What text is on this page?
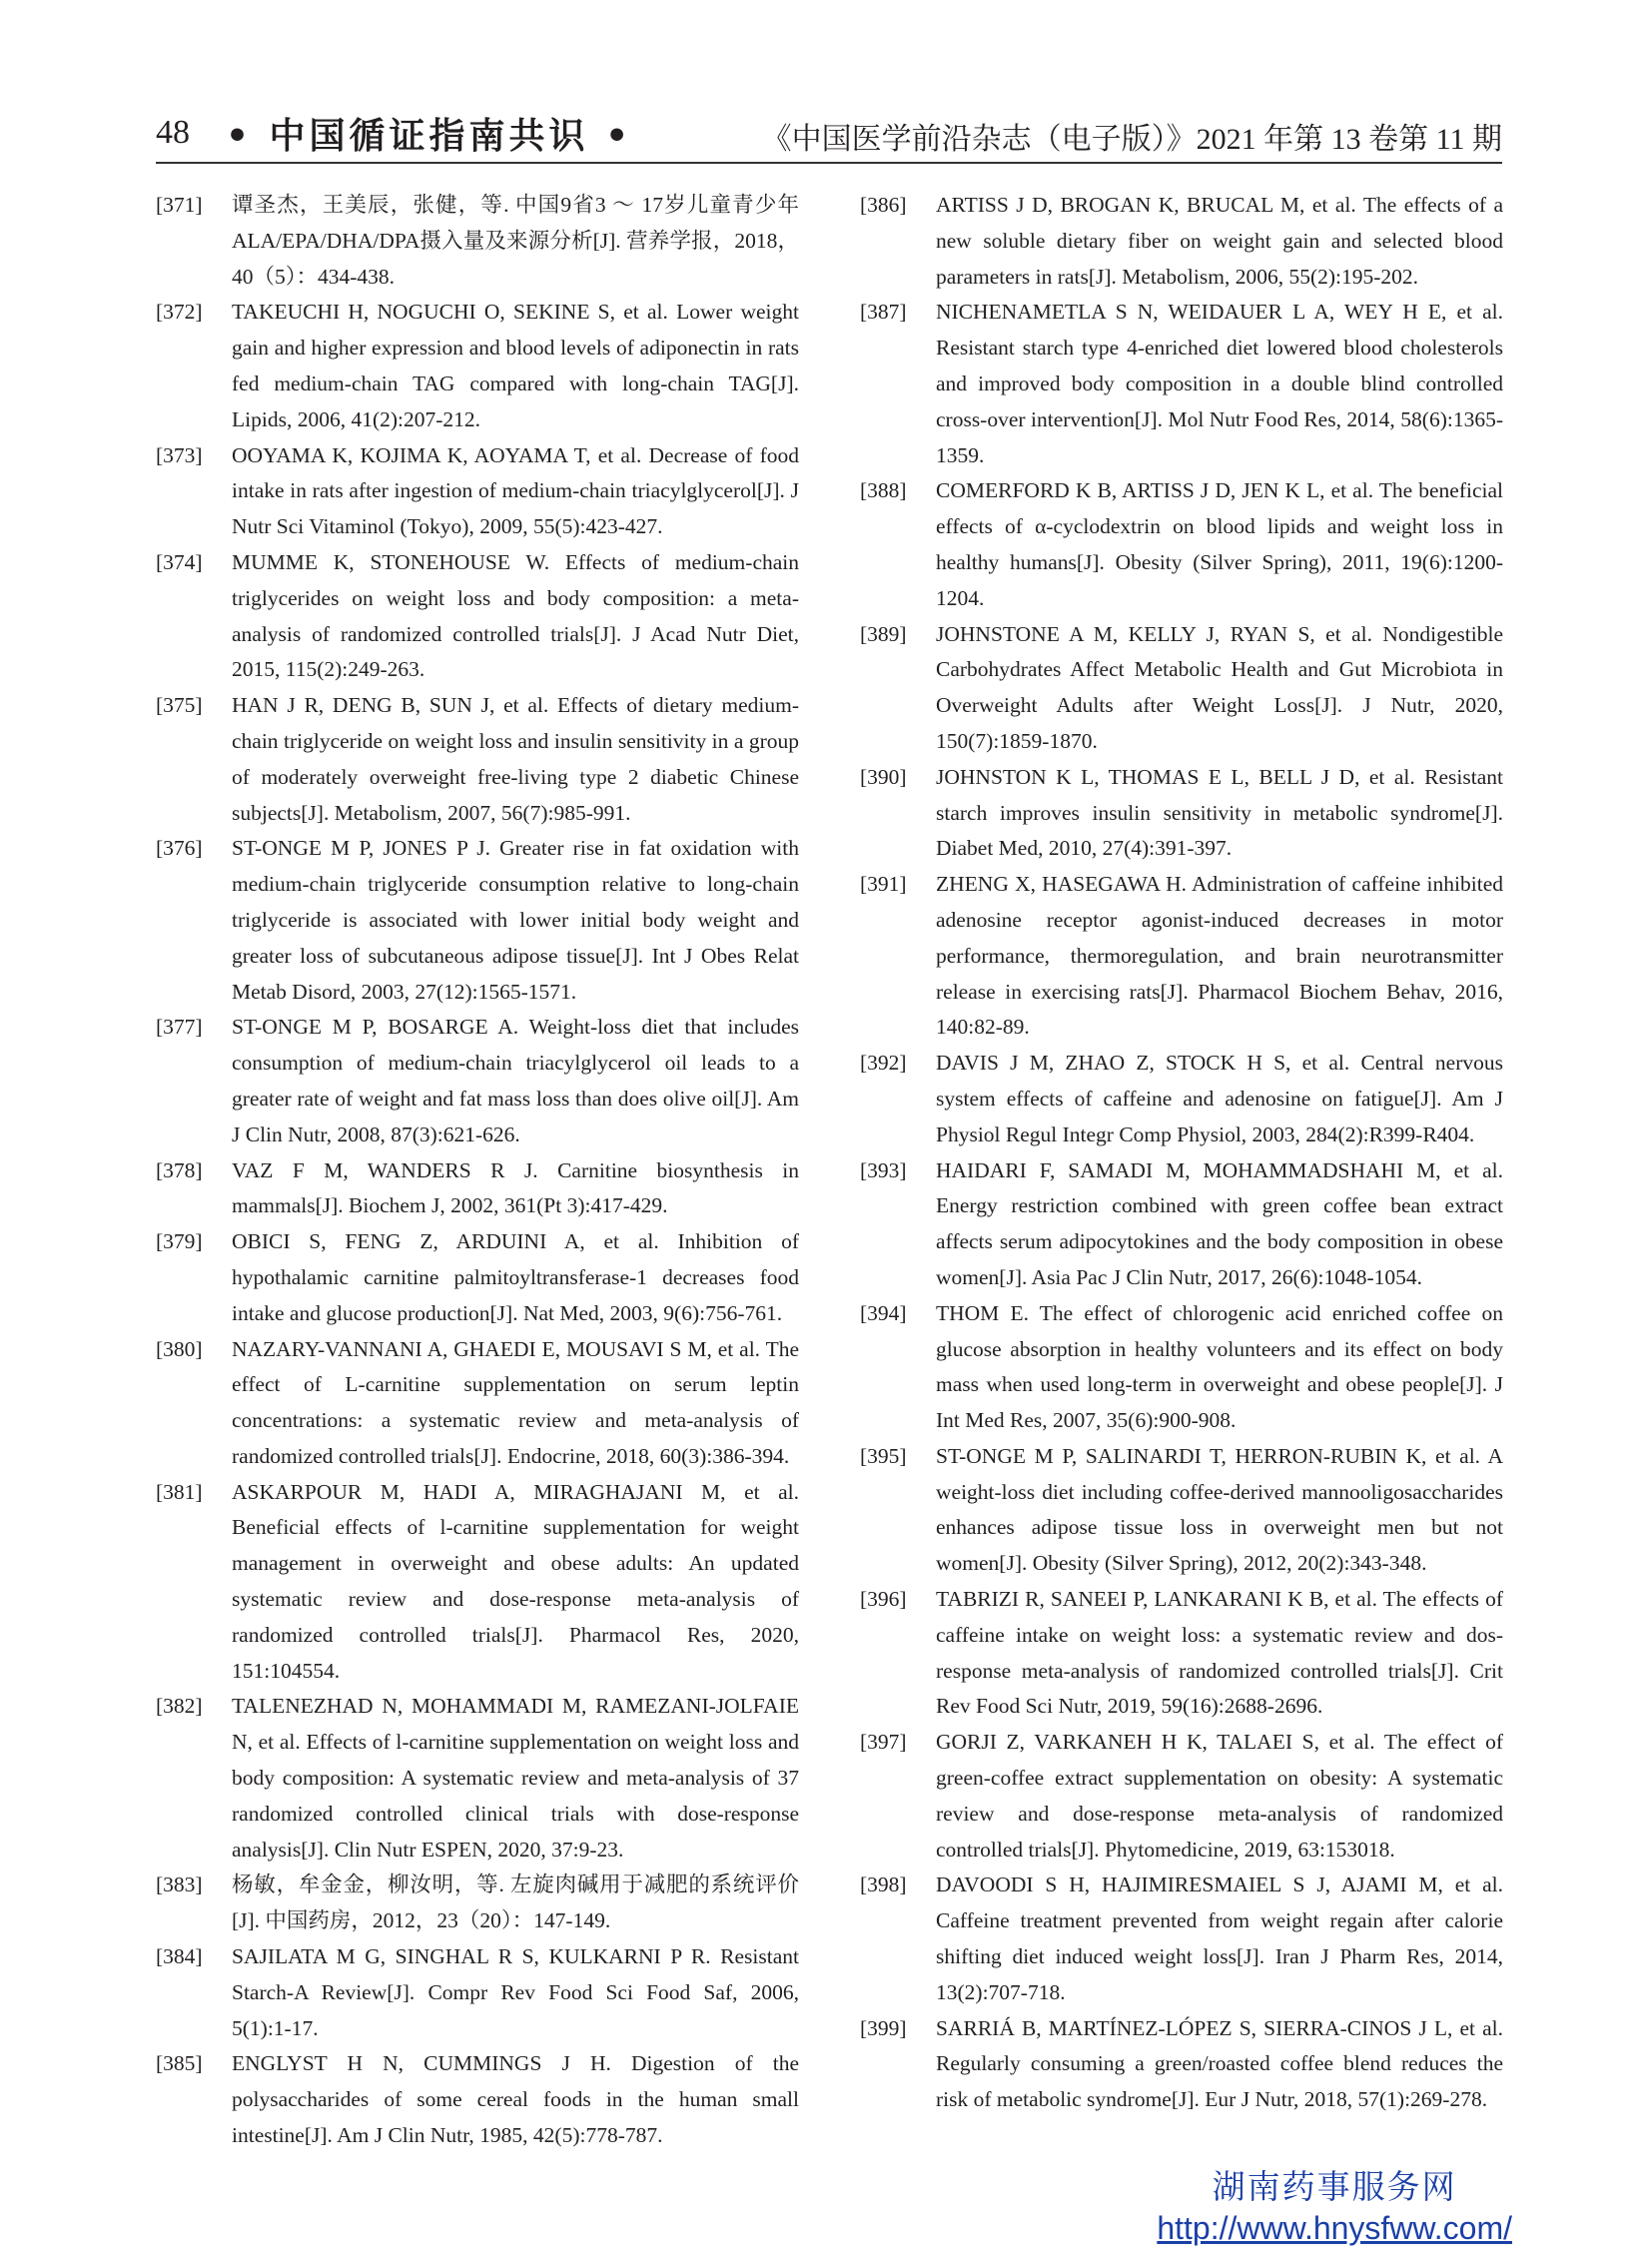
48 • 中国循证指南共识 •	《中国医学前沿杂志（电子版）》2021 年第 13 卷第 11 期

[371] 谭圣杰，王美辰，张健，等. 中国9省3 ～ 17岁儿童青少年ALA/EPA/DHA/DPA摄入量及来源分析[J]. 营养学报，2018，40（5）：434-438.

[372] TAKEUCHI H, NOGUCHI O, SEKINE S, et al. Lower weight gain and higher expression and blood levels of adiponectin in rats fed medium-chain TAG compared with long-chain TAG[J]. Lipids, 2006, 41(2):207-212.

[373] OOYAMA K, KOJIMA K, AOYAMA T, et al. Decrease of food intake in rats after ingestion of medium-chain triacylglycerol[J]. J Nutr Sci Vitaminol (Tokyo), 2009, 55(5):423-427.

[374] MUMME K, STONEHOUSE W. Effects of medium-chain triglycerides on weight loss and body composition: a meta-analysis of randomized controlled trials[J]. J Acad Nutr Diet, 2015, 115(2):249-263.

[375] HAN J R, DENG B, SUN J, et al. Effects of dietary medium-chain triglyceride on weight loss and insulin sensitivity in a group of moderately overweight free-living type 2 diabetic Chinese subjects[J]. Metabolism, 2007, 56(7):985-991.

[376] ST-ONGE M P, JONES P J. Greater rise in fat oxidation with medium-chain triglyceride consumption relative to long-chain triglyceride is associated with lower initial body weight and greater loss of subcutaneous adipose tissue[J]. Int J Obes Relat Metab Disord, 2003, 27(12):1565-1571.

[377] ST-ONGE M P, BOSARGE A. Weight-loss diet that includes consumption of medium-chain triacylglycerol oil leads to a greater rate of weight and fat mass loss than does olive oil[J]. Am J Clin Nutr, 2008, 87(3):621-626.

[378] VAZ F M, WANDERS R J. Carnitine biosynthesis in mammals[J]. Biochem J, 2002, 361(Pt 3):417-429.

[379] OBICI S, FENG Z, ARDUINI A, et al. Inhibition of hypothalamic carnitine palmitoyltransferase-1 decreases food intake and glucose production[J]. Nat Med, 2003, 9(6):756-761.

[380] NAZARY-VANNANI A, GHAEDI E, MOUSAVI S M, et al. The effect of L-carnitine supplementation on serum leptin concentrations: a systematic review and meta-analysis of randomized controlled trials[J]. Endocrine, 2018, 60(3):386-394.

[381] ASKARPOUR M, HADI A, MIRAGHAJANI M, et al. Beneficial effects of l-carnitine supplementation for weight management in overweight and obese adults: An updated systematic review and dose-response meta-analysis of randomized controlled trials[J]. Pharmacol Res, 2020, 151:104554.

[382] TALENEZHAD N, MOHAMMADI M, RAMEZANI-JOLFAIE N, et al. Effects of l-carnitine supplementation on weight loss and body composition: A systematic review and meta-analysis of 37 randomized controlled clinical trials with dose-response analysis[J]. Clin Nutr ESPEN, 2020, 37:9-23.

[383] 杨敏，牟金金，柳汝明，等. 左旋肉碱用于减肥的系统评价[J]. 中国药房，2012，23（20）：147-149.

[384] SAJILATA M G, SINGHAL R S, KULKARNI P R. Resistant Starch-A Review[J]. Compr Rev Food Sci Food Saf, 2006, 5(1):1-17.

[385] ENGLYST H N, CUMMINGS J H. Digestion of the polysaccharides of some cereal foods in the human small intestine[J]. Am J Clin Nutr, 1985, 42(5):778-787.

[386] ARTISS J D, BROGAN K, BRUCAL M, et al. The effects of a new soluble dietary fiber on weight gain and selected blood parameters in rats[J]. Metabolism, 2006, 55(2):195-202.

[387] NICHENAMETLA S N, WEIDAUER L A, WEY H E, et al. Resistant starch type 4-enriched diet lowered blood cholesterols and improved body composition in a double blind controlled cross-over intervention[J]. Mol Nutr Food Res, 2014, 58(6):1365-1359.

[388] COMERFORD K B, ARTISS J D, JEN K L, et al. The beneficial effects of α-cyclodextrin on blood lipids and weight loss in healthy humans[J]. Obesity (Silver Spring), 2011, 19(6):1200-1204.

[389] JOHNSTONE A M, KELLY J, RYAN S, et al. Nondigestible Carbohydrates Affect Metabolic Health and Gut Microbiota in Overweight Adults after Weight Loss[J]. J Nutr, 2020, 150(7):1859-1870.

[390] JOHNSTON K L, THOMAS E L, BELL J D, et al. Resistant starch improves insulin sensitivity in metabolic syndrome[J]. Diabet Med, 2010, 27(4):391-397.

[391] ZHENG X, HASEGAWA H. Administration of caffeine inhibited adenosine receptor agonist-induced decreases in motor performance, thermoregulation, and brain neurotransmitter release in exercising rats[J]. Pharmacol Biochem Behav, 2016, 140:82-89.

[392] DAVIS J M, ZHAO Z, STOCK H S, et al. Central nervous system effects of caffeine and adenosine on fatigue[J]. Am J Physiol Regul Integr Comp Physiol, 2003, 284(2):R399-R404.

[393] HAIDARI F, SAMADI M, MOHAMMADSHAHI M, et al. Energy restriction combined with green coffee bean extract affects serum adipocytokines and the body composition in obese women[J]. Asia Pac J Clin Nutr, 2017, 26(6):1048-1054.

[394] THOM E. The effect of chlorogenic acid enriched coffee on glucose absorption in healthy volunteers and its effect on body mass when used long-term in overweight and obese people[J]. J Int Med Res, 2007, 35(6):900-908.

[395] ST-ONGE M P, SALINARDI T, HERRON-RUBIN K, et al. A weight-loss diet including coffee-derived mannooligosaccharides enhances adipose tissue loss in overweight men but not women[J]. Obesity (Silver Spring), 2012, 20(2):343-348.

[396] TABRIZI R, SANEEI P, LANKARANI K B, et al. The effects of caffeine intake on weight loss: a systematic review and dos-response meta-analysis of randomized controlled trials[J]. Crit Rev Food Sci Nutr, 2019, 59(16):2688-2696.

[397] GORJI Z, VARKANEH H K, TALAEI S, et al. The effect of green-coffee extract supplementation on obesity: A systematic review and dose-response meta-analysis of randomized controlled trials[J]. Phytomedicine, 2019, 63:153018.

[398] DAVOODI S H, HAJIMIRESMAIEL S J, AJAMI M, et al. Caffeine treatment prevented from weight regain after calorie shifting diet induced weight loss[J]. Iran J Pharm Res, 2014, 13(2):707-718.

[399] SARRIÁ B, MARTÍNEZ-LÓPEZ S, SIERRA-CINOS J L, et al. Regularly consuming a green/roasted coffee blend reduces the risk of metabolic syndrome[J]. Eur J Nutr, 2018, 57(1):269-278.

湖南药事服务网
http://www.hnysfww.com/
